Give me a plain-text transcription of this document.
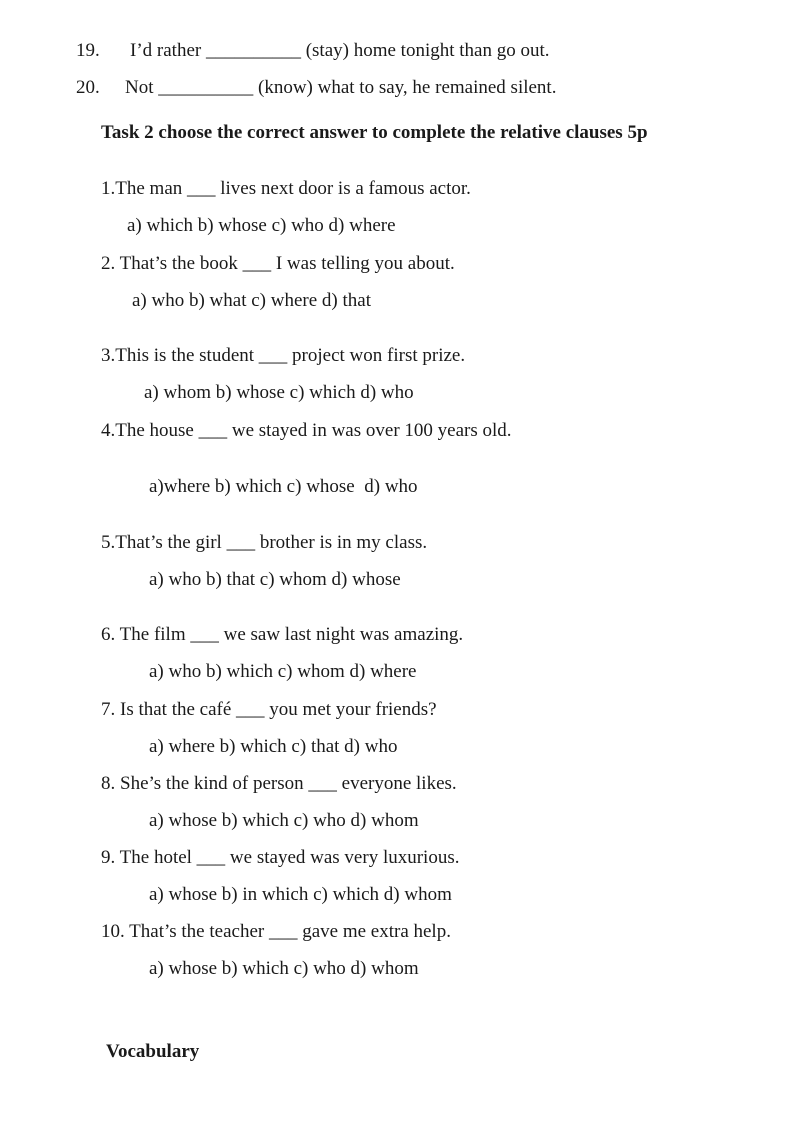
19. I’d rather __________ (stay) home tonight than go out.
20. Not __________ (know) what to say, he remained silent.
Task 2 choose the correct answer to complete the relative clauses 5p
1.The man ___ lives next door is a famous actor.
a) which b) whose c) who d) where
2. That’s the book ___ I was telling you about.
a) who b) what c) where d) that
3.This is the student ___ project won first prize.
a) whom b) whose c) which d) who
4.The house ___ we stayed in was over 100 years old.
a)where b) which c) whose  d) who
5.That’s the girl ___ brother is in my class.
a) who b) that c) whom d) whose
6. The film ___ we saw last night was amazing.
a) who b) which c) whom d) where
7. Is that the café ___ you met your friends?
a) where b) which c) that d) who
8. She’s the kind of person ___ everyone likes.
a) whose b) which c) who d) whom
9. The hotel ___ we stayed was very luxurious.
a) whose b) in which c) which d) whom
10. That’s the teacher ___ gave me extra help.
a) whose b) which c) who d) whom
Vocabulary
